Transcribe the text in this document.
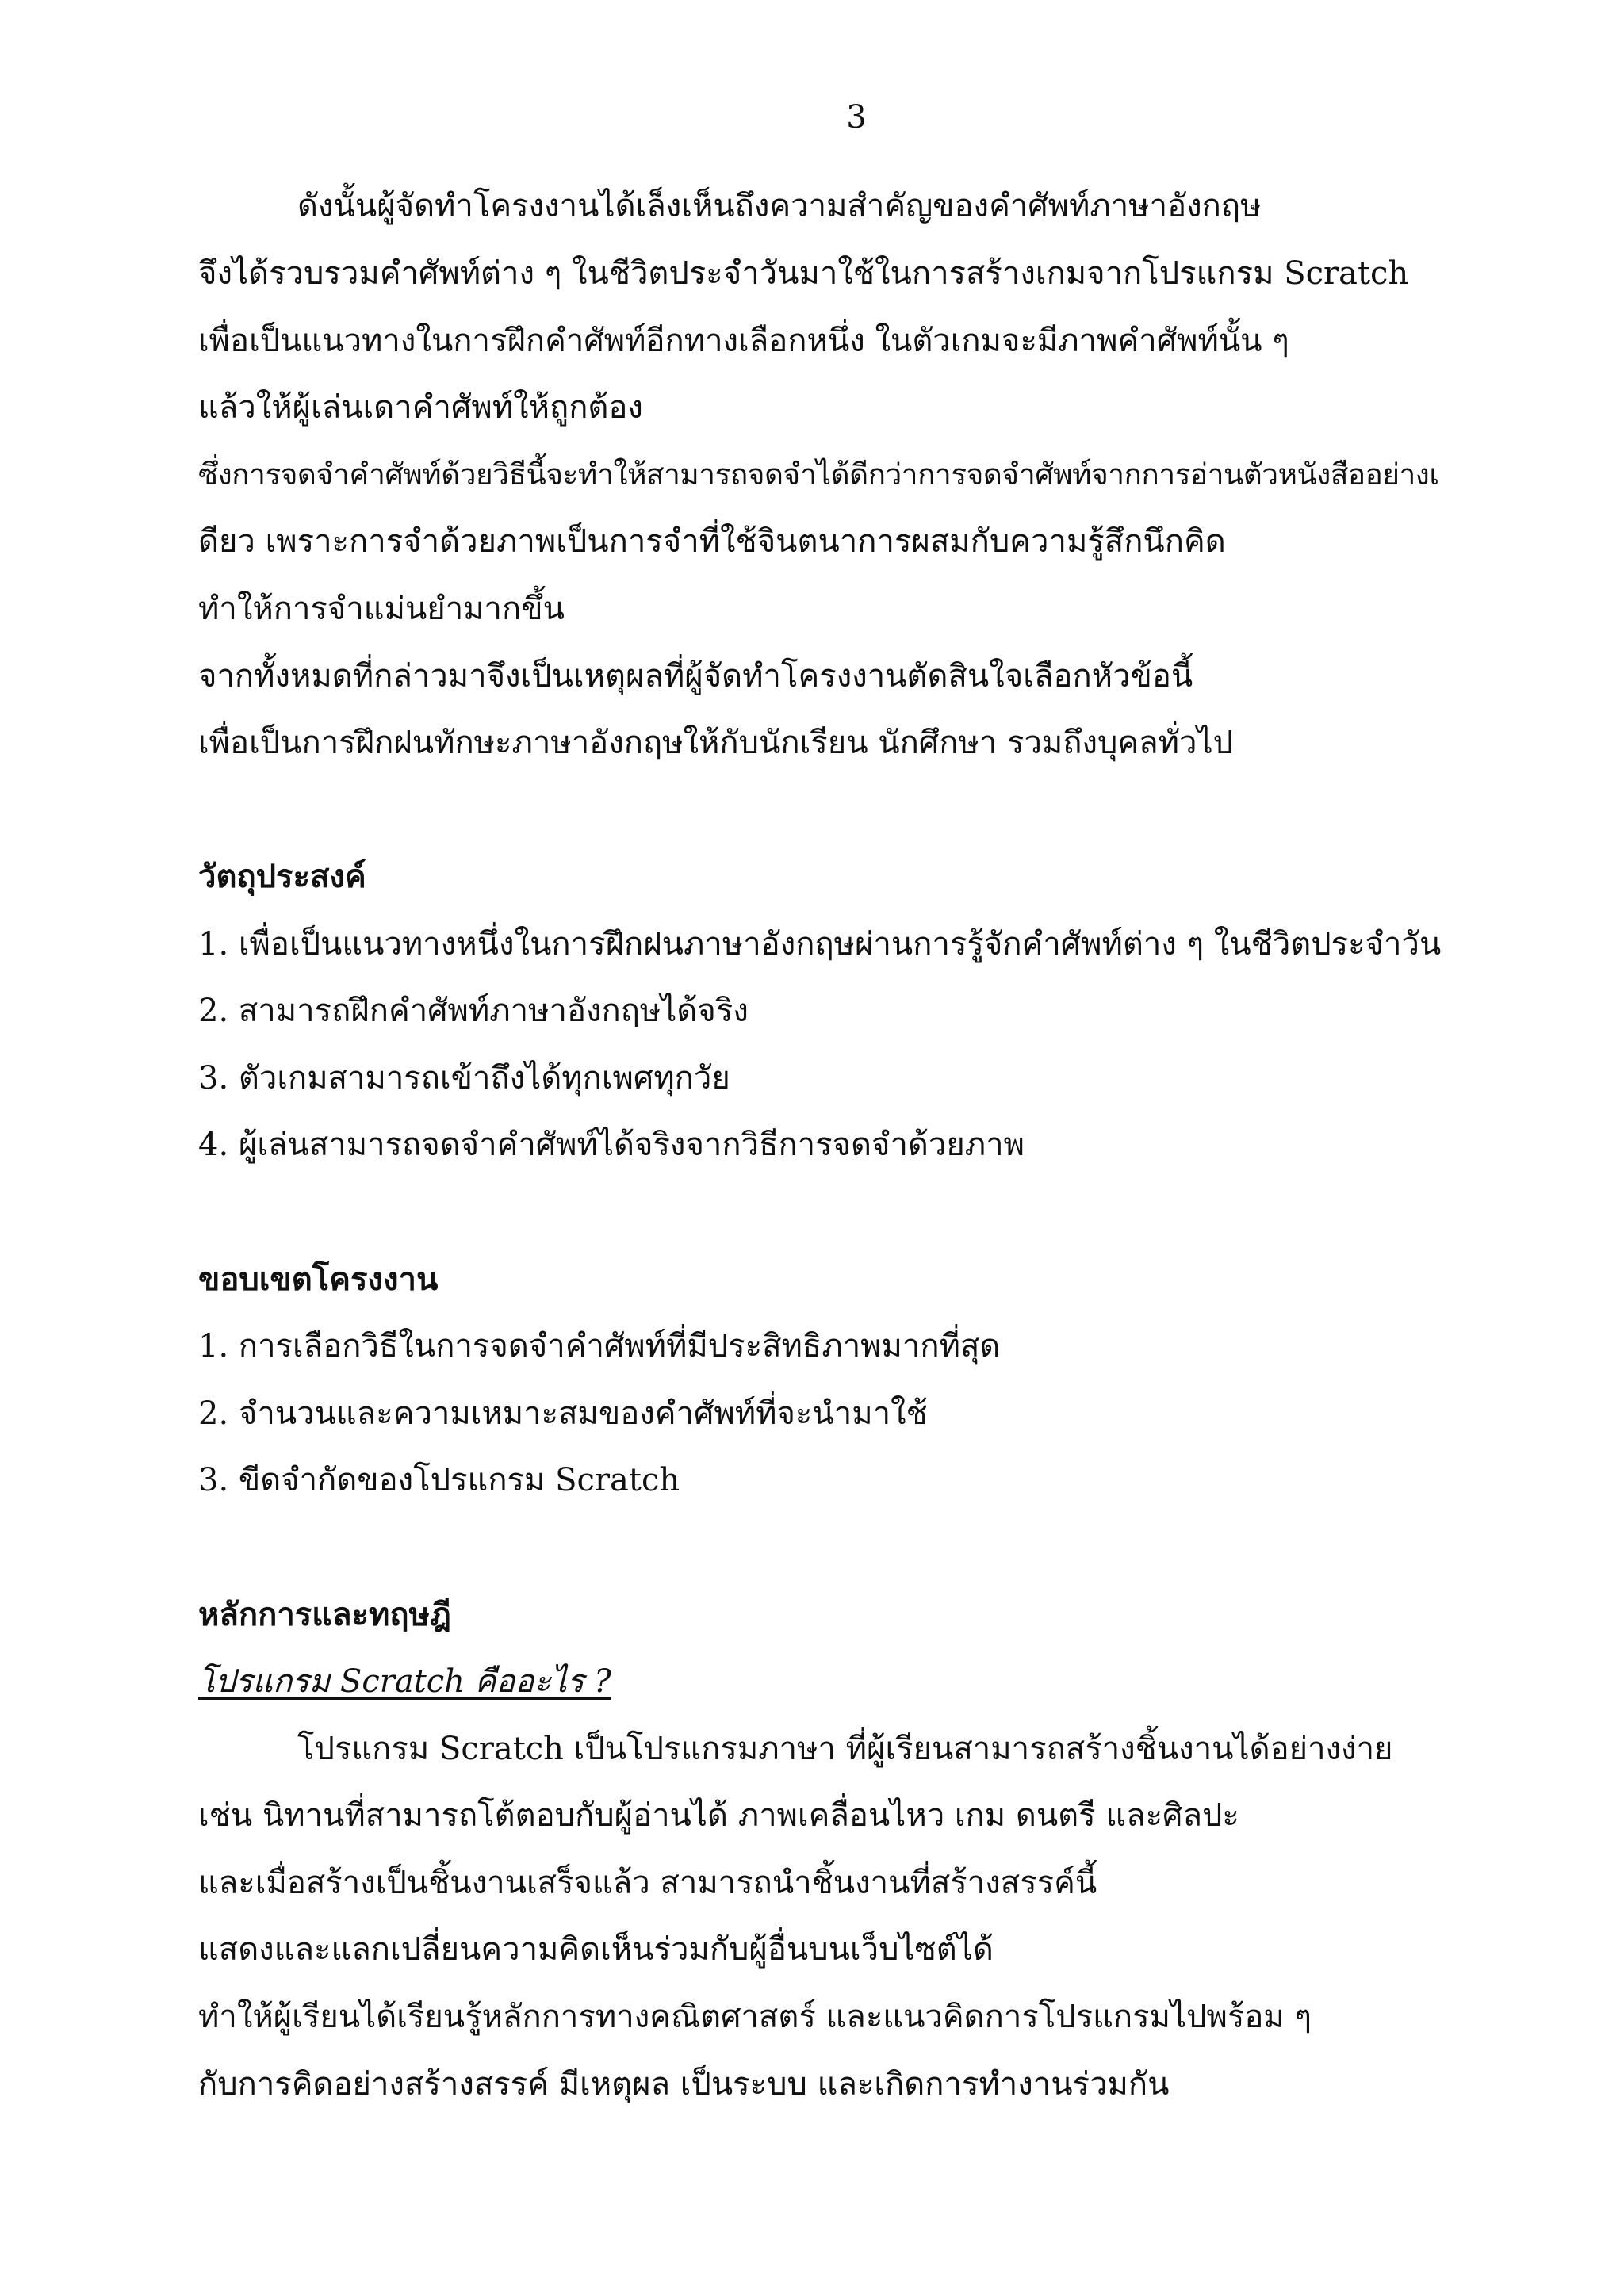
3
ดังนั้นผู้จัดทำโครงงานได้เล็งเห็นถึงความสำคัญของคำศัพท์ภาษาอังกฤษ
จึงได้รวบรวมคำศัพท์ต่าง ๆ ในชีวิตประจำวันมาใช้ในการสร้างเกมจากโปรแกรม Scratch
เพื่อเป็นแนวทางในการฝึกคำศัพท์อีกทางเลือกหนึ่ง ในตัวเกมจะมีภาพคำศัพท์นั้น ๆ
แล้วให้ผู้เล่นเดาคำศัพท์ให้ถูกต้อง
ซึ่งการจดจำคำศัพท์ด้วยวิธีนี้จะทำให้สามารถจดจำได้ดีกว่าการจดจำศัพท์จากการอ่านตัวหนังสืออย่างเ
ดียว เพราะการจำด้วยภาพเป็นการจำที่ใช้จินตนาการผสมกับความรู้สึกนึกคิด
ทำให้การจำแม่นยำมากขึ้น
จากทั้งหมดที่กล่าวมาจึงเป็นเหตุผลที่ผู้จัดทำโครงงานตัดสินใจเลือกหัวข้อนี้
เพื่อเป็นการฝึกฝนทักษะภาษาอังกฤษให้กับนักเรียน นักศึกษา รวมถึงบุคลทั่วไป
วัตถุประสงค์
1. เพื่อเป็นแนวทางหนึ่งในการฝึกฝนภาษาอังกฤษผ่านการรู้จักคำศัพท์ต่าง ๆ ในชีวิตประจำวัน
2. สามารถฝึกคำศัพท์ภาษาอังกฤษได้จริง
3. ตัวเกมสามารถเข้าถึงได้ทุกเพศทุกวัย
4. ผู้เล่นสามารถจดจำคำศัพท์ได้จริงจากวิธีการจดจำด้วยภาพ
ขอบเขตโครงงาน
1. การเลือกวิธีในการจดจำคำศัพท์ที่มีประสิทธิภาพมากที่สุด
2. จำนวนและความเหมาะสมของคำศัพท์ที่จะนำมาใช้
3. ขีดจำกัดของโปรแกรม Scratch
หลักการและทฤษฎี
โปรแกรม Scratch คืออะไร ?
โปรแกรม Scratch เป็นโปรแกรมภาษา ที่ผู้เรียนสามารถสร้างชิ้นงานได้อย่างง่าย
เช่น นิทานที่สามารถโต้ตอบกับผู้อ่านได้ ภาพเคลื่อนไหว เกม ดนตรี และศิลปะ
และเมื่อสร้างเป็นชิ้นงานเสร็จแล้ว สามารถนำชิ้นงานที่สร้างสรรค์นี้
แสดงและแลกเปลี่ยนความคิดเห็นร่วมกับผู้อื่นบนเว็บไซต์ได้
ทำให้ผู้เรียนได้เรียนรู้หลักการทางคณิตศาสตร์ และแนวคิดการโปรแกรมไปพร้อม ๆ
กับการคิดอย่างสร้างสรรค์ มีเหตุผล เป็นระบบ และเกิดการทำงานร่วมกัน
